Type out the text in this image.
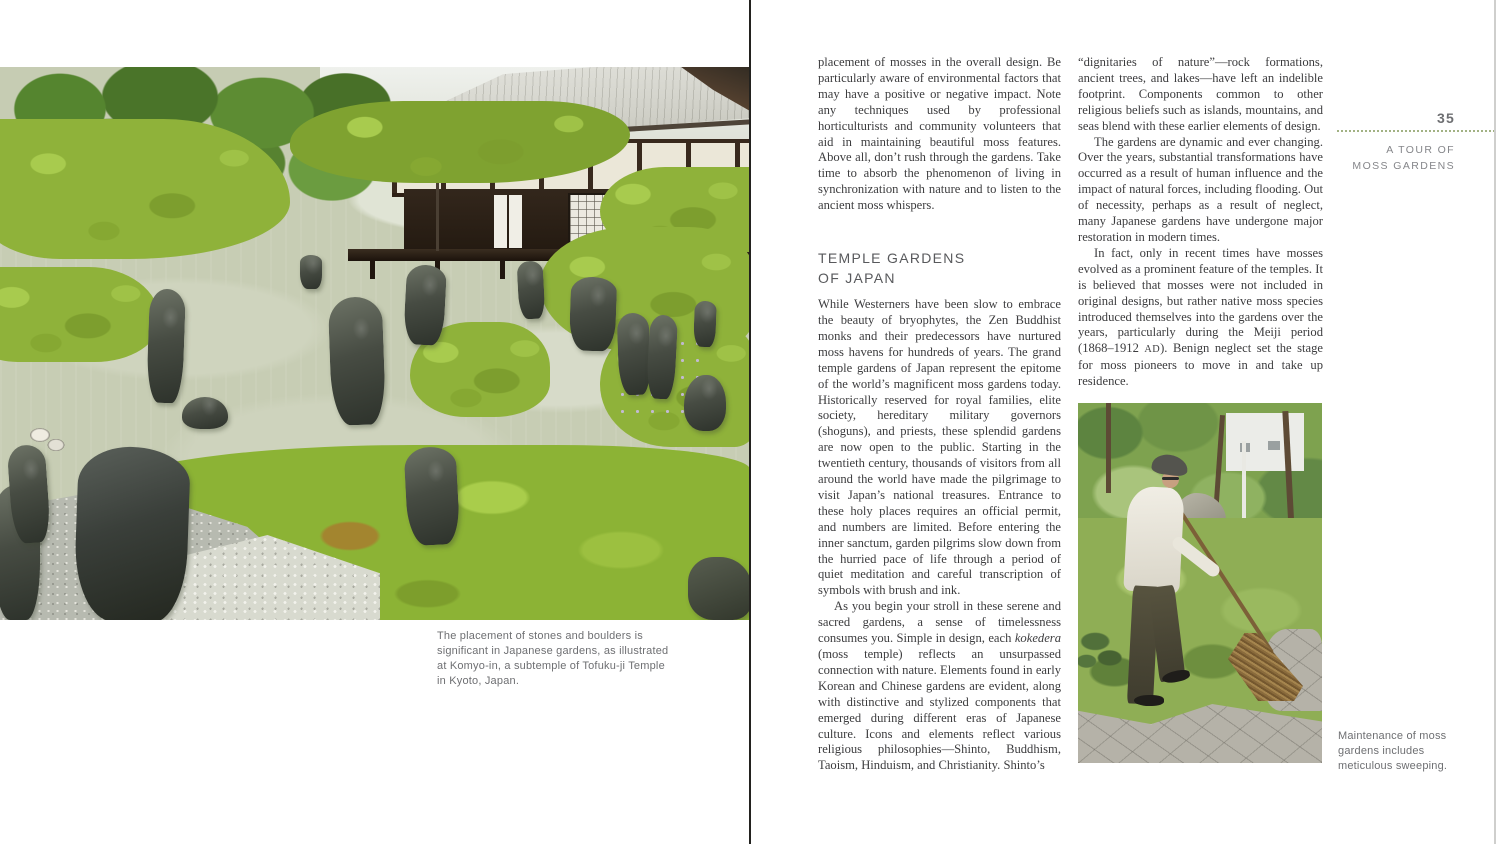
The placement of stones and boulders is significant in Japanese gardens, as illustrated at Komyo-in, a subtemple of Tofuku-ji Temple in Kyoto, Japan.
35
A TOUR OF
MOSS GARDENS

placement of mosses in the overall design. Be particularly aware of environmental factors that may have a positive or negative impact. Note any techniques used by professional horticulturists and community volunteers that aid in maintaining beautiful moss features. Above all, don’t rush through the gardens. Take time to absorb the phenomenon of living in synchronization with nature and to listen to the ancient moss whispers.

TEMPLE GARDENS
OF JAPAN

While Westerners have been slow to embrace the beauty of bryophytes, the Zen Buddhist monks and their predecessors have nurtured moss havens for hundreds of years. The grand temple gardens of Japan represent the epitome of the world’s magnificent moss gardens today. Historically reserved for royal families, elite society, hereditary military governors (shoguns), and priests, these splendid gardens are now open to the public. Starting in the twentieth century, thousands of visitors from all around the world have made the pilgrimage to visit Japan’s national treasures. Entrance to these holy places requires an official permit, and numbers are limited. Before entering the inner sanctum, garden pilgrims slow down from the hurried pace of life through a period of quiet meditation and careful transcription of symbols with brush and ink.

As you begin your stroll in these serene and sacred gardens, a sense of timelessness consumes you. Simple in design, each kokedera (moss temple) reflects an unsurpassed connection with nature. Elements found in early Korean and Chinese gardens are evident, along with distinctive and stylized components that emerged during different eras of Japanese culture. Icons and elements reflect various religious philosophies—Shinto, Buddhism, Taoism, Hinduism, and Christianity. Shinto’s

“dignitaries of nature”—rock formations, ancient trees, and lakes—have left an indelible footprint. Components common to other religious beliefs such as islands, mountains, and seas blend with these earlier elements of design.

The gardens are dynamic and ever changing. Over the years, substantial transformations have occurred as a result of human influence and the impact of natural forces, including flooding. Out of necessity, perhaps as a result of neglect, many Japanese gardens have undergone major restoration in modern times.

In fact, only in recent times have mosses evolved as a prominent feature of the temples. It is believed that mosses were not included in original designs, but rather native moss species introduced themselves into the gardens over the years, particularly during the Meiji period (1868–1912 AD). Benign neglect set the stage for moss pioneers to move in and take up residence.

Maintenance of moss gardens includes meticulous sweeping.
